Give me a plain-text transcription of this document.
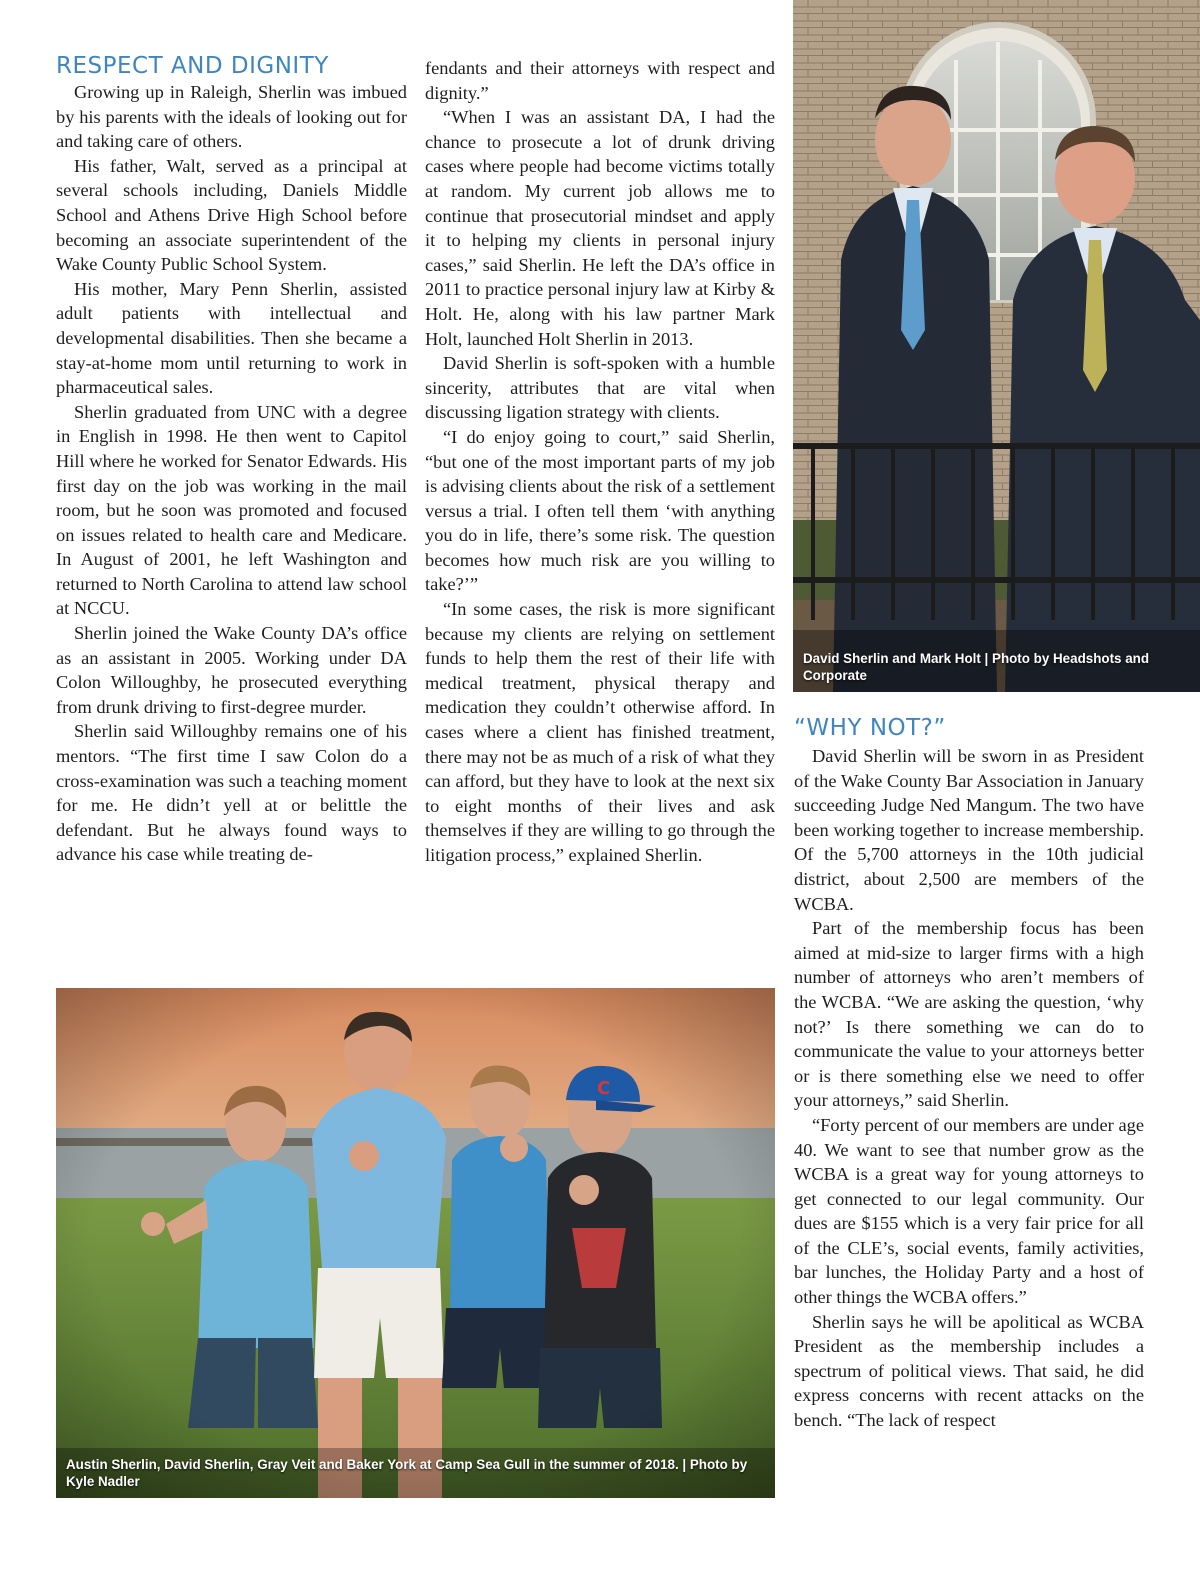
RESPECT AND DIGNITY

Growing up in Raleigh, Sherlin was imbued by his parents with the ideals of looking out for and taking care of others.

His father, Walt, served as a principal at several schools including, Daniels Middle School and Athens Drive High School before becoming an associate superintendent of the Wake County Public School System.

His mother, Mary Penn Sherlin, assisted adult patients with intellectual and developmental disabilities. Then she became a stay-at-home mom until returning to work in pharmaceutical sales.

Sherlin graduated from UNC with a degree in English in 1998. He then went to Capitol Hill where he worked for Senator Edwards. His first day on the job was working in the mail room, but he soon was promoted and focused on issues related to health care and Medicare. In August of 2001, he left Washington and returned to North Carolina to attend law school at NCCU.

Sherlin joined the Wake County DA’s office as an assistant in 2005. Working under DA Colon Willoughby, he prosecuted everything from drunk driving to first-degree murder.

Sherlin said Willoughby remains one of his mentors. “The first time I saw Colon do a cross-examination was such a teaching moment for me. He didn’t yell at or belittle the defendant. But he always found ways to advance his case while treating de-

fendants and their attorneys with respect and dignity.”

“When I was an assistant DA, I had the chance to prosecute a lot of drunk driving cases where people had become victims totally at random. My current job allows me to continue that prosecutorial mindset and apply it to helping my clients in personal injury cases,” said Sherlin. He left the DA’s office in 2011 to practice personal injury law at Kirby & Holt. He, along with his law partner Mark Holt, launched Holt Sherlin in 2013.

David Sherlin is soft-spoken with a humble sincerity, attributes that are vital when discussing ligation strategy with clients.

“I do enjoy going to court,” said Sherlin, “but one of the most important parts of my job is advising clients about the risk of a settlement versus a trial. I often tell them ‘with anything you do in life, there’s some risk. The question becomes how much risk are you willing to take?’”

“In some cases, the risk is more significant because my clients are relying on settlement funds to help them the rest of their life with medical treatment, physical therapy and medication they couldn’t otherwise afford. In cases where a client has finished treatment, there may not be as much of a risk of what they can afford, but they have to look at the next six to eight months of their lives and ask themselves if they are willing to go through the litigation process,” explained Sherlin.

David Sherlin and Mark Holt | Photo by Headshots and Corporate

“WHY NOT?”

David Sherlin will be sworn in as President of the Wake County Bar Association in January succeeding Judge Ned Mangum. The two have been working together to increase membership. Of the 5,700 attorneys in the 10th judicial district, about 2,500 are members of the WCBA.

Part of the membership focus has been aimed at mid-size to larger firms with a high number of attorneys who aren’t members of the WCBA. “We are asking the question, ‘why not?’ Is there something we can do to communicate the value to your attorneys better or is there something else we need to offer your attorneys,” said Sherlin.

“Forty percent of our members are under age 40. We want to see that number grow as the WCBA is a great way for young attorneys to get connected to our legal community. Our dues are $155 which is a very fair price for all of the CLE’s, social events, family activities, bar lunches, the Holiday Party and a host of other things the WCBA offers.”

Sherlin says he will be apolitical as WCBA President as the membership includes a spectrum of political views. That said, he did express concerns with recent attacks on the bench. “The lack of respect

Austin Sherlin, David Sherlin, Gray Veit and Baker York at Camp Sea Gull in the summer of 2018. | Photo by Kyle Nadler
